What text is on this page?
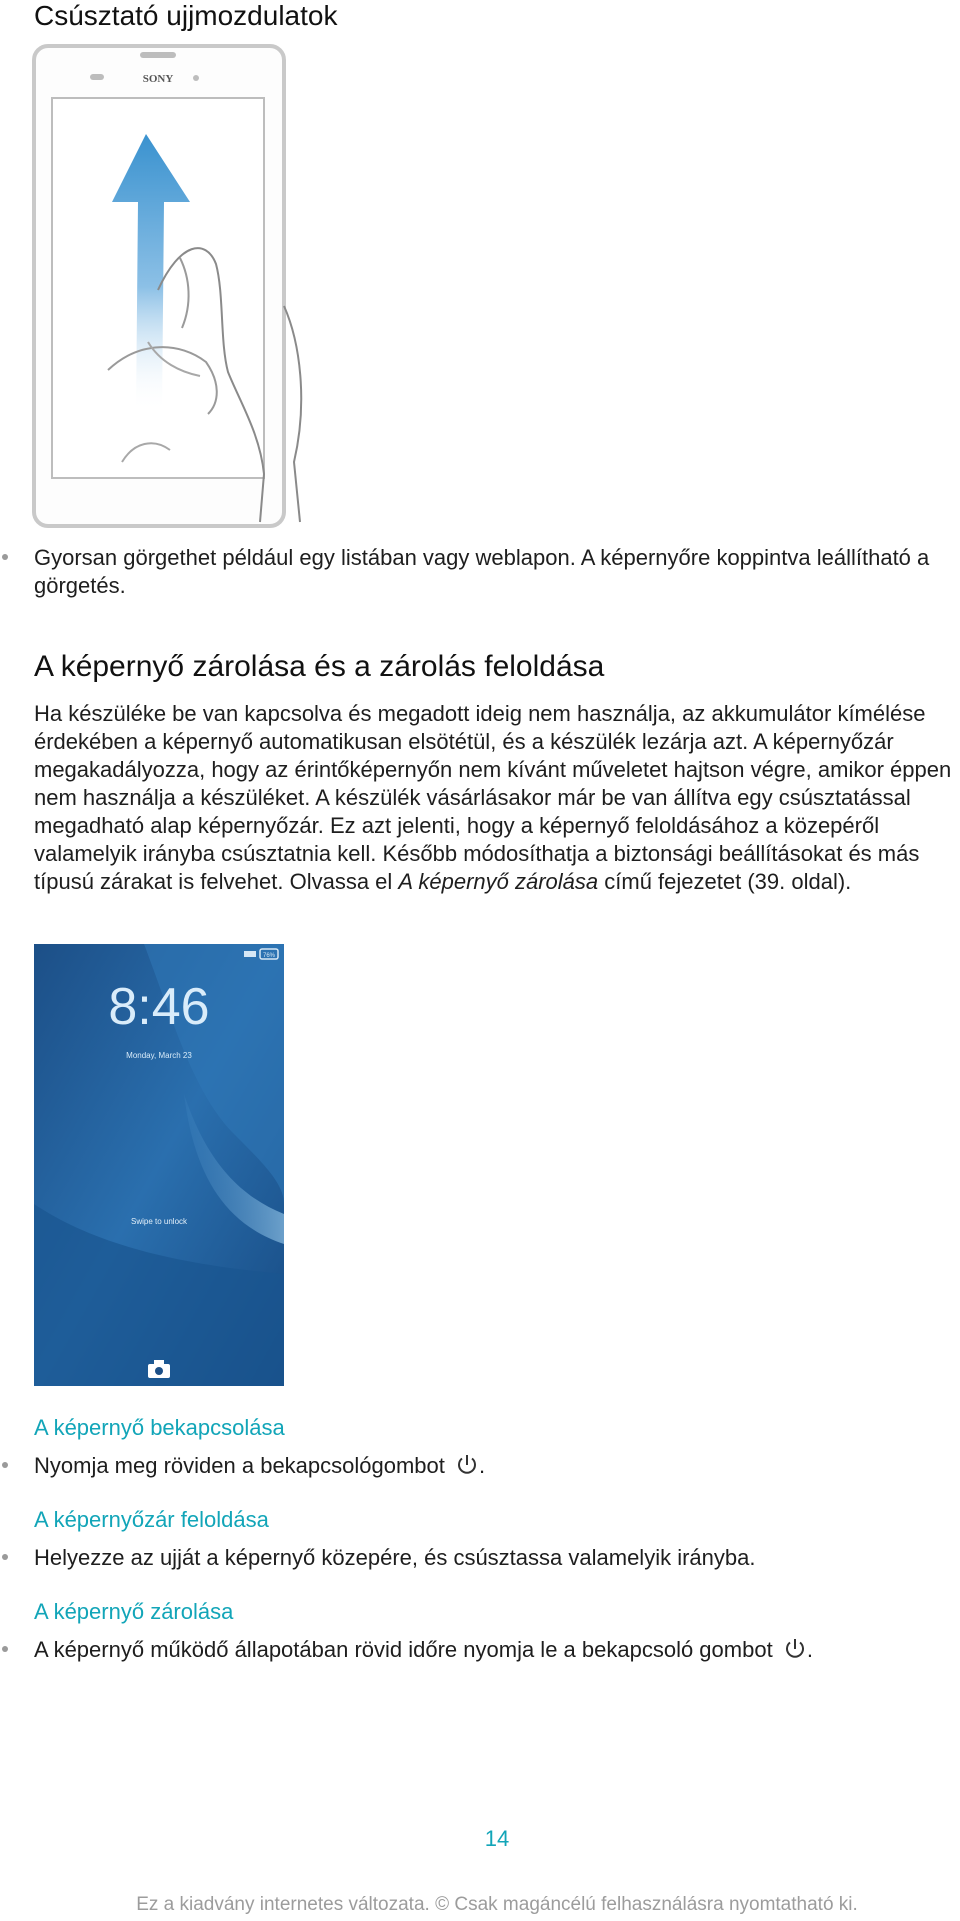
Csúsztató ujjmozdulatok
SONY
Gyorsan görgethet például egy listában vagy weblapon. A képernyőre koppintva leállítható a görgetés.
A képernyő zárolása és a zárolás feloldása
Ha készüléke be van kapcsolva és megadott ideig nem használja, az akkumulátor kímélése érdekében a képernyő automatikusan elsötétül, és a készülék lezárja azt. A képernyőzár megakadályozza, hogy az érintőképernyőn nem kívánt műveletet hajtson végre, amikor éppen nem használja a készüléket. A készülék vásárlásakor már be van állítva egy csúsztatással megadható alap képernyőzár. Ez azt jelenti, hogy a képernyő feloldásához a közepéről valamelyik irányba csúsztatnia kell. Később módosíthatja a biztonsági beállításokat és más típusú zárakat is felvehet. Olvassa el A képernyő zárolása című fejezetet (39. oldal).
76%
8:46
Monday, March 23
Swipe to unlock
A képernyő bekapcsolása
Nyomja meg röviden a bekapcsológombot .
A képernyőzár feloldása
Helyezze az ujját a képernyő közepére, és csúsztassa valamelyik irányba.
A képernyő zárolása
A képernyő működő állapotában rövid időre nyomja le a bekapcsoló gombot .
14
Ez a kiadvány internetes változata. © Csak magáncélú felhasználásra nyomtatható ki.
